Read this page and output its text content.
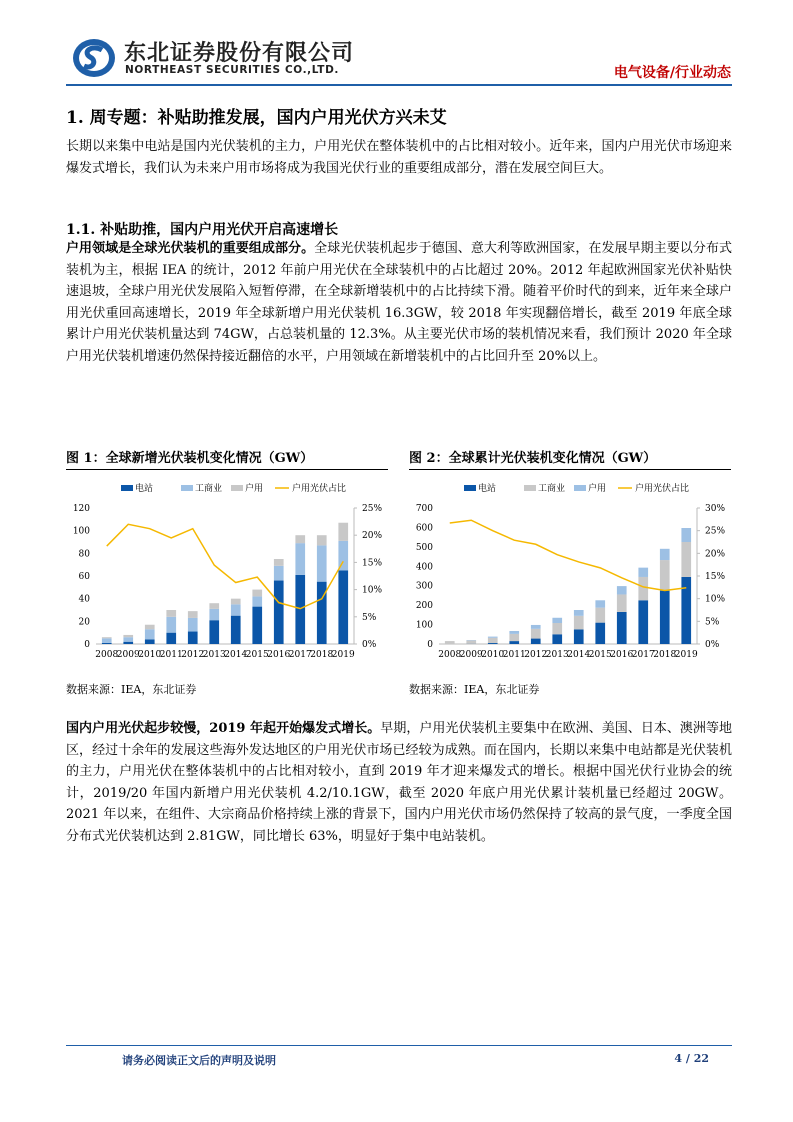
东北证券股份有限公司
NORTHEAST SECURITIES CO.,LTD.	电气设备/行业动态
1. 周专题：补贴助推发展，国内户用光伏方兴未艾
长期以来集中电站是国内光伏装机的主力，户用光伏在整体装机中的占比相对较小。近年来，国内户用光伏市场迎来爆发式增长，我们认为未来户用市场将成为我国光伏行业的重要组成部分，潜在发展空间巨大。
1.1. 补贴助推，国内户用光伏开启高速增长
户用领域是全球光伏装机的重要组成部分。全球光伏装机起步于德国、意大利等欧洲国家，在发展早期主要以分布式装机为主，根据 IEA 的统计，2012 年前户用光伏在全球装机中的占比超过 20%。2012 年起欧洲国家光伏补贴快速退坡，全球户用光伏发展陷入短暂停滞，在全球新增装机中的占比持续下滑。随着平价时代的到来，近年来全球户用光伏重回高速增长，2019 年全球新增户用光伏装机 16.3GW，较 2018 年实现翻倍增长，截至 2019 年底全球累计户用光伏装机量达到 74GW，占总装机量的 12.3%。从主要光伏市场的装机情况来看，我们预计 2020 年全球户用光伏装机增速仍然保持接近翻倍的水平，户用领域在新增装机中的占比回升至 20%以上。
图 1：全球新增光伏装机变化情况（GW）	图 2：全球累计光伏装机变化情况（GW）
电站	工商业	户用	户用光伏占比
0
20
40
60
80
100
120
0%
5%
10%
15%
20%
25%
2008
2009
2010
2011
2012
2013
2014
2015
2016
2017
2018
2019
电站	工商业	户用	户用光伏占比
0
100
200
300
400
500
600
700
0%
5%
10%
15%
20%
25%
30%
2008
2009
2010
2011
2012
2013
2014
2015
2016
2017
2018
2019
数据来源：IEA，东北证券	数据来源：IEA，东北证券
国内户用光伏起步较慢，2019 年起开始爆发式增长。早期，户用光伏装机主要集中在欧洲、美国、日本、澳洲等地区，经过十余年的发展这些海外发达地区的户用光伏市场已经较为成熟。而在国内，长期以来集中电站都是光伏装机的主力，户用光伏在整体装机中的占比相对较小，直到 2019 年才迎来爆发式的增长。根据中国光伏行业协会的统计，2019/20 年国内新增户用光伏装机 4.2/10.1GW，截至 2020 年底户用光伏累计装机量已经超过 20GW。2021 年以来，在组件、大宗商品价格持续上涨的背景下，国内户用光伏市场仍然保持了较高的景气度，一季度全国分布式光伏装机达到 2.81GW，同比增长 63%，明显好于集中电站装机。
请务必阅读正文后的声明及说明	4 / 22
